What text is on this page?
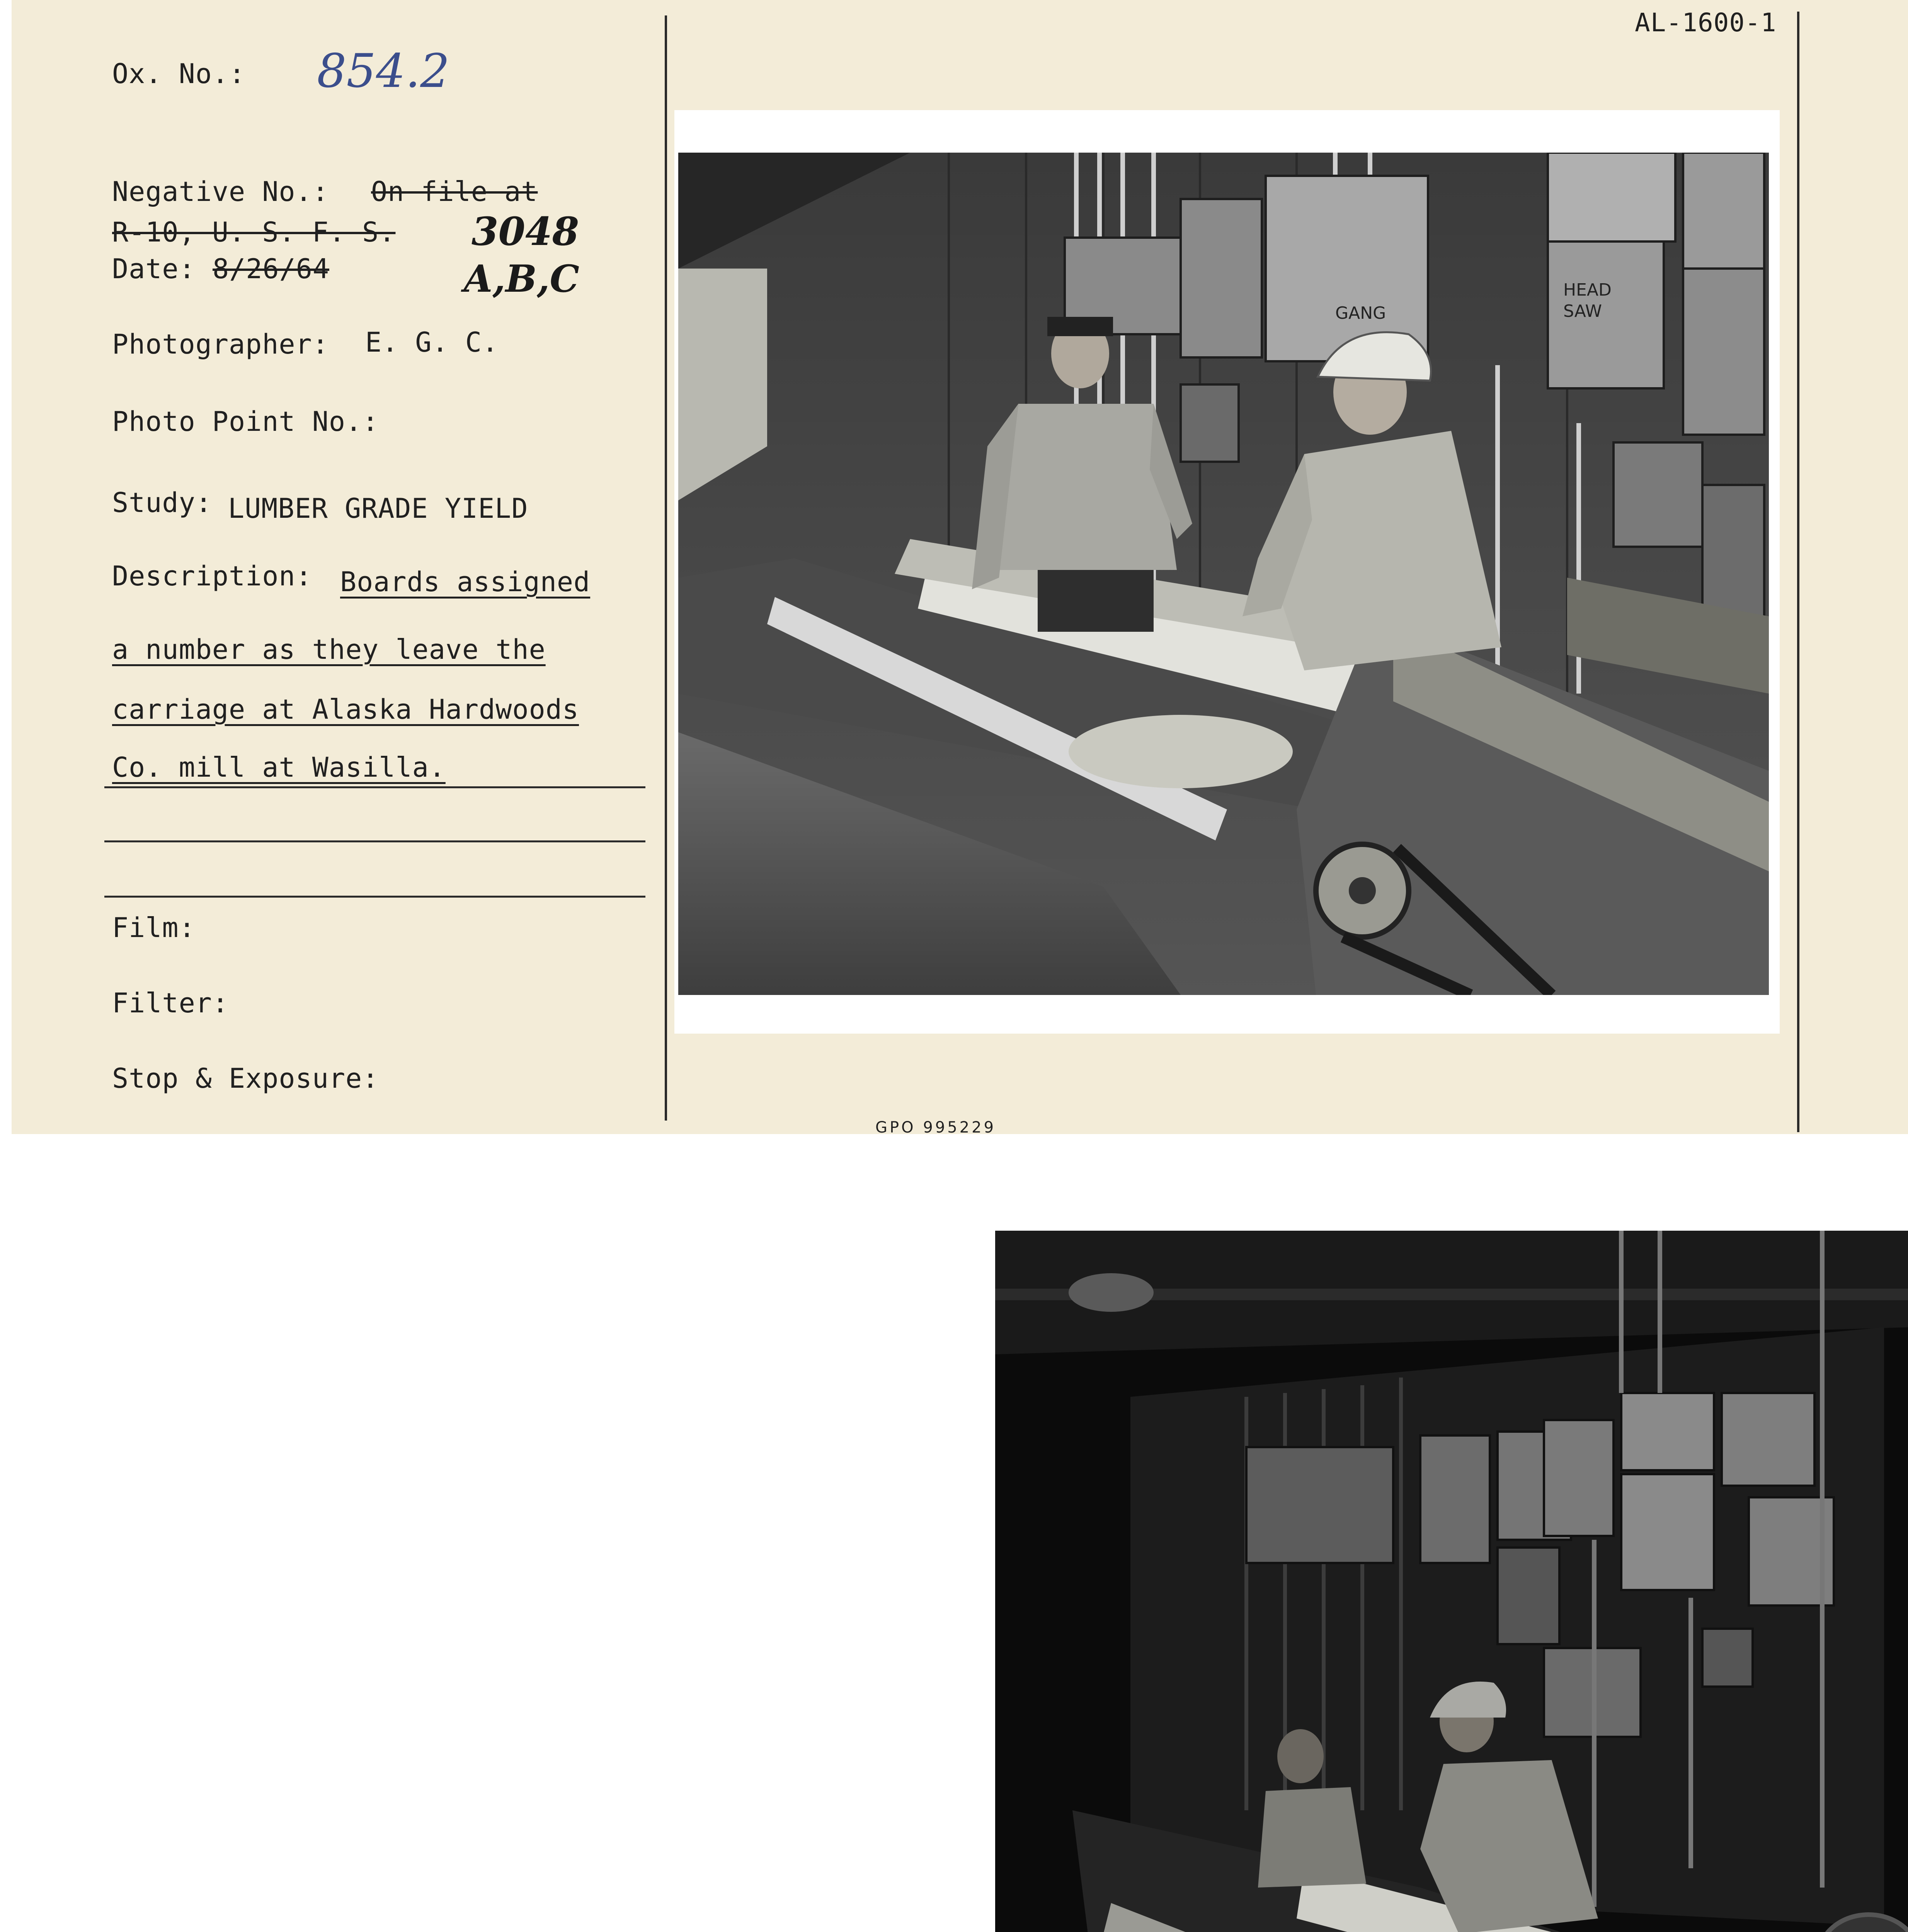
AL-1600-1
Ox. No.: 854.2
Negative No.: On file at
R-10, U. S. F. S. 3048
Date: 8/26/64	A,B,C
Photographer: E. G. C.
Photo Point No.:
Study: LUMBER GRADE YIELD
Description: Boards assigned
a number as they leave the
carriage at Alaska Hardwoods
Co. mill at Wasilla.
Film:
Filter:
Stop & Exposure:
GPO 995229
GANG
HEAD
SAW
